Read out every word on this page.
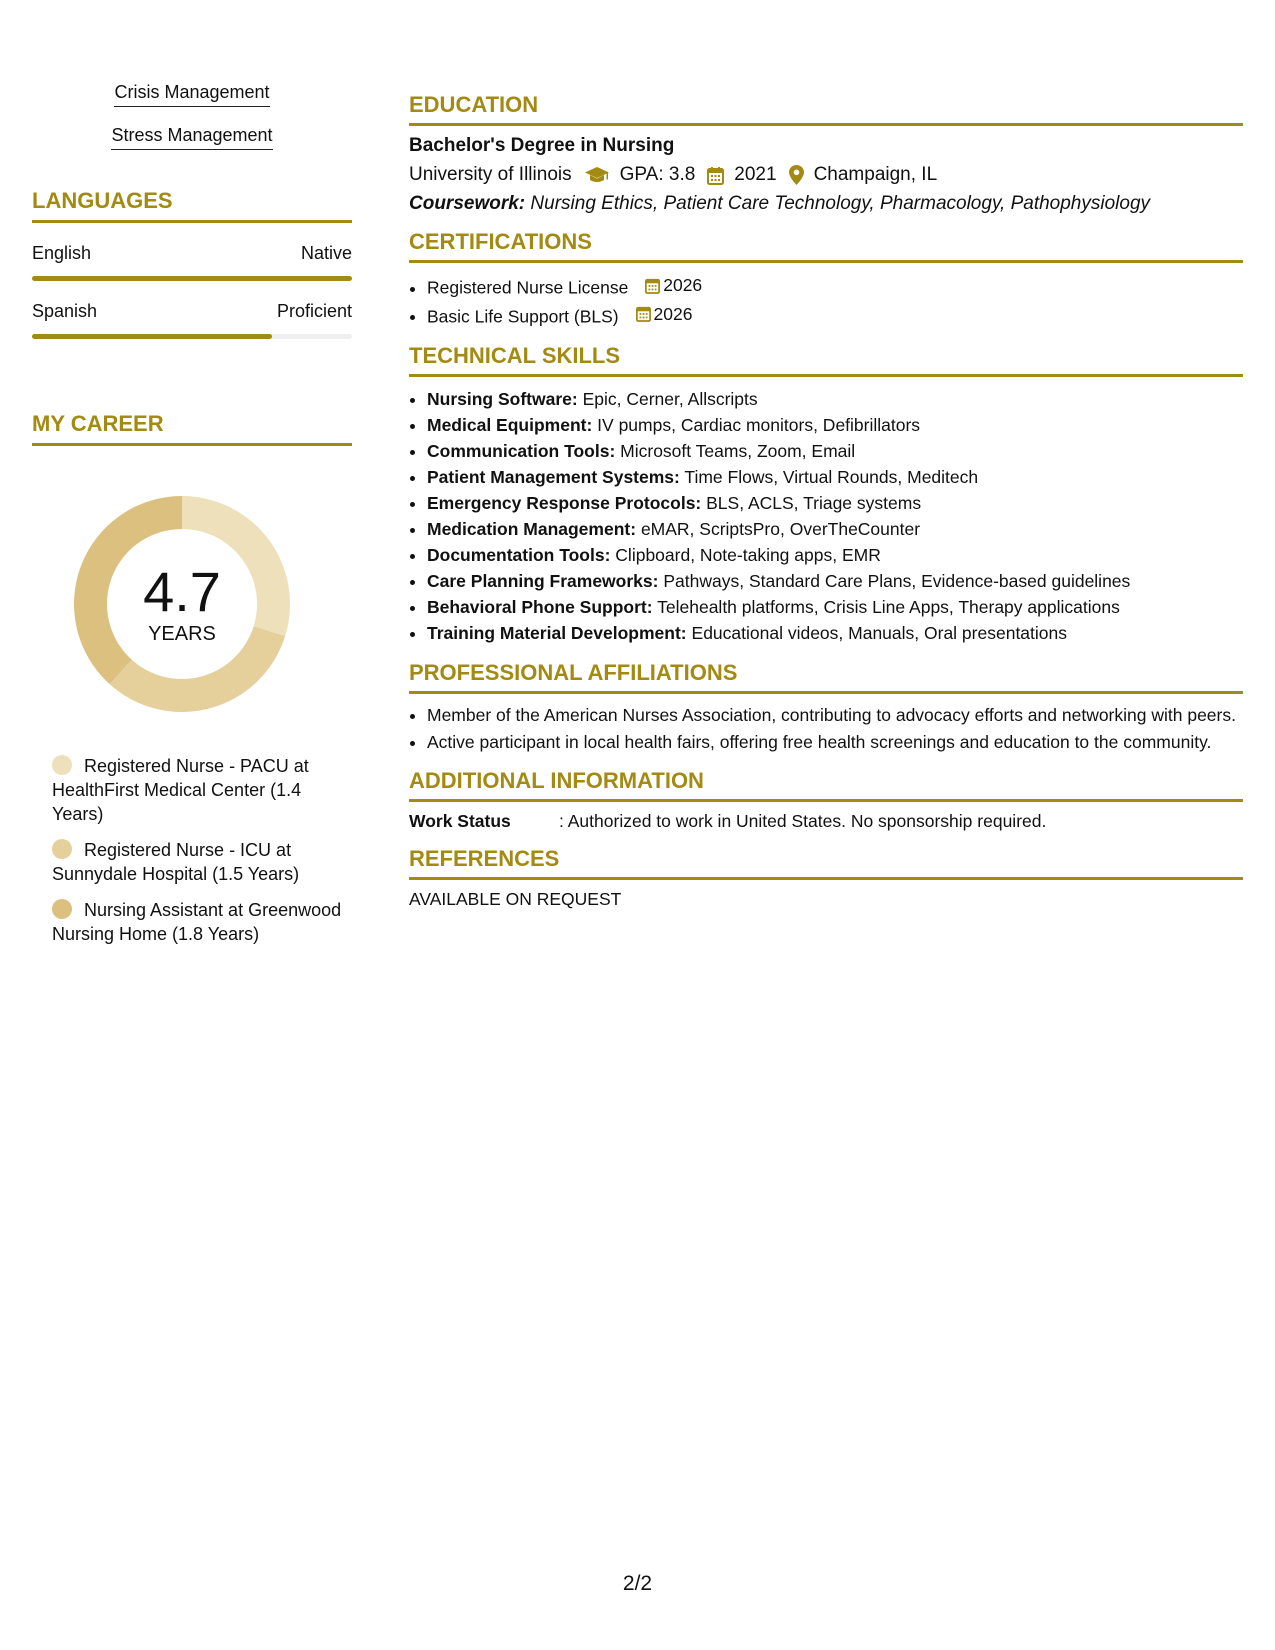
Crisis Management
Stress Management
LANGUAGES
English	Native
Spanish	Proficient
MY CAREER
4.7
YEARS
Registered Nurse - PACU at HealthFirst Medical Center (1.4 Years)
Registered Nurse - ICU at Sunnydale Hospital (1.5 Years)
Nursing Assistant at Greenwood Nursing Home (1.8 Years)
EDUCATION
Bachelor's Degree in Nursing
University of Illinois	GPA: 3.8 2021 Champaign, IL
Coursework: Nursing Ethics, Patient Care Technology, Pharmacology, Pathophysiology
CERTIFICATIONS
• Registered Nurse License 2026
• Basic Life Support (BLS) 2026
TECHNICAL SKILLS
• Nursing Software: Epic, Cerner, Allscripts
• Medical Equipment: IV pumps, Cardiac monitors, Defibrillators
• Communication Tools: Microsoft Teams, Zoom, Email
• Patient Management Systems: Time Flows, Virtual Rounds, Meditech
• Emergency Response Protocols: BLS, ACLS, Triage systems
• Medication Management: eMAR, ScriptsPro, OverTheCounter
• Documentation Tools: Clipboard, Note-taking apps, EMR
• Care Planning Frameworks: Pathways, Standard Care Plans, Evidence-based guidelines
• Behavioral Phone Support: Telehealth platforms, Crisis Line Apps, Therapy applications
• Training Material Development: Educational videos, Manuals, Oral presentations
PROFESSIONAL AFFILIATIONS
• Member of the American Nurses Association, contributing to advocacy efforts and networking with peers.
• Active participant in local health fairs, offering free health screenings and education to the community.
ADDITIONAL INFORMATION
Work Status	: Authorized to work in United States. No sponsorship required.
REFERENCES
AVAILABLE ON REQUEST
2/2
